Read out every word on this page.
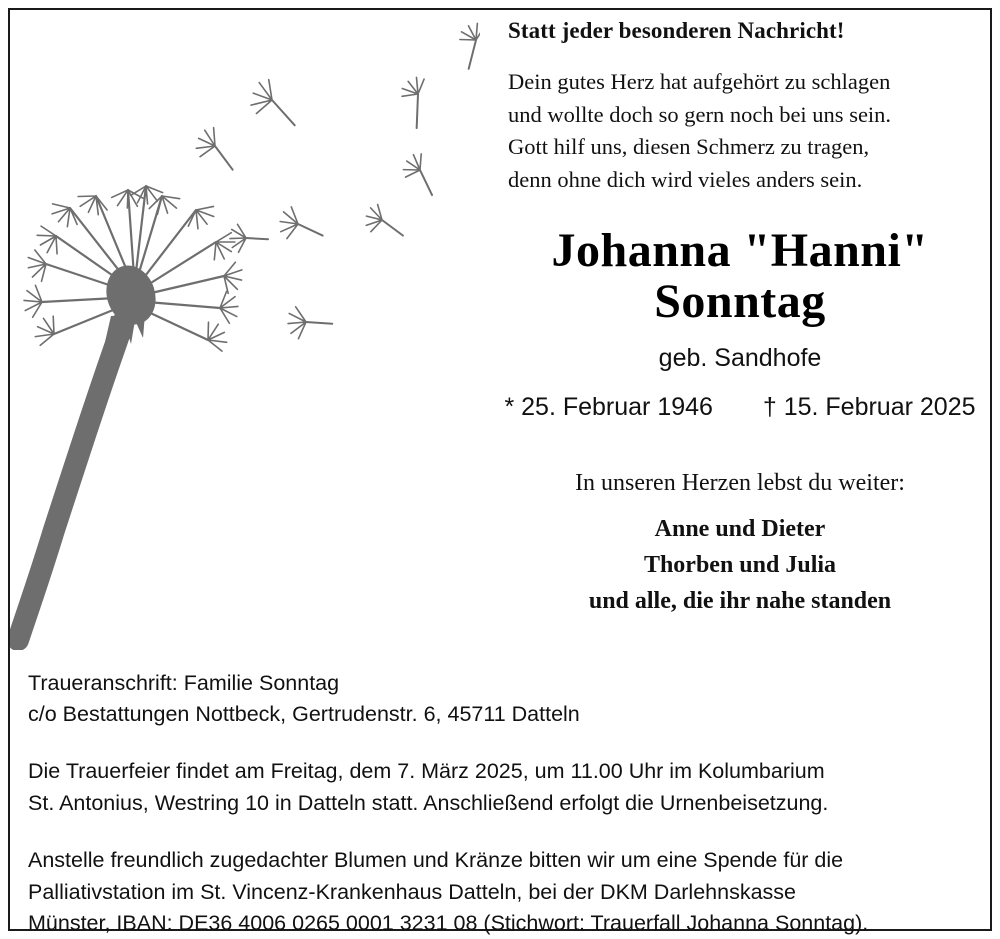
Statt jeder besonderen Nachricht!
Dein gutes Herz hat aufgehört zu schlagen
und wollte doch so gern noch bei uns sein.
Gott hilf uns, diesen Schmerz zu tragen,
denn ohne dich wird vieles anders sein.
Johanna "Hanni"
Sonntag
geb. Sandhofe
* 25. Februar 1946 † 15. Februar 2025
In unseren Herzen lebst du weiter:
Anne und Dieter
Thorben und Julia
und alle, die ihr nahe standen
Traueranschrift: Familie Sonntag
c/o Bestattungen Nottbeck, Gertrudenstr. 6, 45711 Datteln
Die Trauerfeier findet am Freitag, dem 7. März 2025, um 11.00 Uhr im Kolumbarium
St. Antonius, Westring 10 in Datteln statt. Anschließend erfolgt die Urnenbeisetzung.
Anstelle freundlich zugedachter Blumen und Kränze bitten wir um eine Spende für die
Palliativstation im St. Vincenz-Krankenhaus Datteln, bei der DKM Darlehnskasse
Münster, IBAN: DE36 4006 0265 0001 3231 08 (Stichwort: Trauerfall Johanna Sonntag).
